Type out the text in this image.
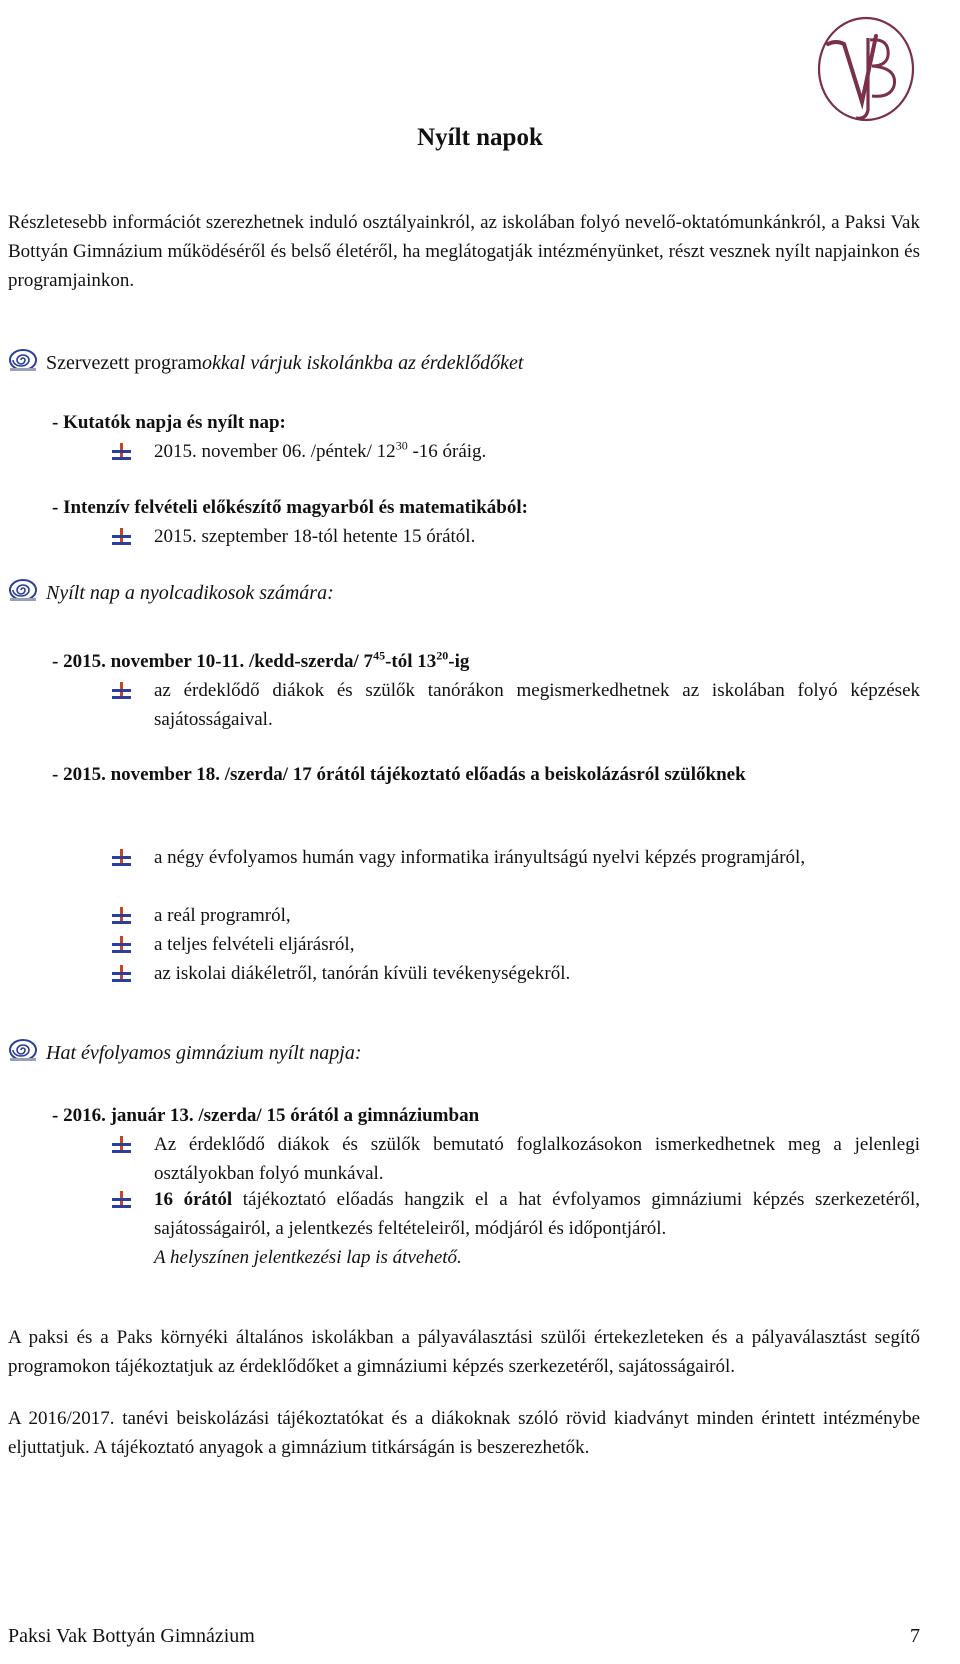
Nyílt napok
Részletesebb információt szerezhetnek induló osztályainkról, az iskolában folyó nevelő-oktatómunkánkról, a Paksi Vak Bottyán Gimnázium működéséről és belső életéről, ha meglátogatják intézményünket, részt vesznek nyílt napjainkon és programjainkon.
Szervezett programokkal várjuk iskolánkba az érdeklődőket
- Kutatók napja és nyílt nap:
2015. november 06. /péntek/ $12^{30}$ -16 óráig.
- Intenzív felvételi előkészítő magyarból és matematikából:
2015. szeptember 18-tól hetente 15 órától.
Nyílt nap a nyolcadikosok számára:
- 2015. november 10-11. /kedd-szerda/ $7^{45}$-tól $13^{20}-ig$
az érdeklődő diákok és szülők tanórákon megismerkedhetnek az iskolában folyó képzések sajátosságaival.
- 2015. november 18. /szerda/ 17 órától tájékoztató előadás a beiskolázásról szülőknek
a négy évfolyamos humán vagy informatika irányultságú nyelvi képzés programjáról,
a reál programról,
a teljes felvételi eljárásról,
az iskolai diákéletről, tanórán kívüli tevékenységekről.
Hat évfolyamos gimnázium nyílt napja:
- 2016. január 13. /szerda/ 15 órától a gimnáziumban
Az érdeklődő diákok és szülők bemutató foglalkozásokon ismerkedhetnek meg a jelenlegi osztályokban folyó munkával.
16 órától tájékoztató előadás hangzik el a hat évfolyamos gimnáziumi képzés szerkezetéről, sajátosságairól, a jelentkezés feltételeiről, módjáról és időpontjáról.
A helyszínen jelentkezési lap is átvehető.
A paksi és a Paks környéki általános iskolákban a pályaválasztási szülői értekezleteken és a pályaválasztást segítő programokon tájékoztatjuk az érdeklődőket a gimnáziumi képzés szerkezetéről, sajátosságairól.
A 2016/2017. tanévi beiskolázási tájékoztatókat és a diákoknak szóló rövid kiadványt minden érintett intézménybe eljuttatjuk. A tájékoztató anyagok a gimnázium titkárságán is beszerezhetők.
Paksi Vak Bottyán Gimnázium	7
